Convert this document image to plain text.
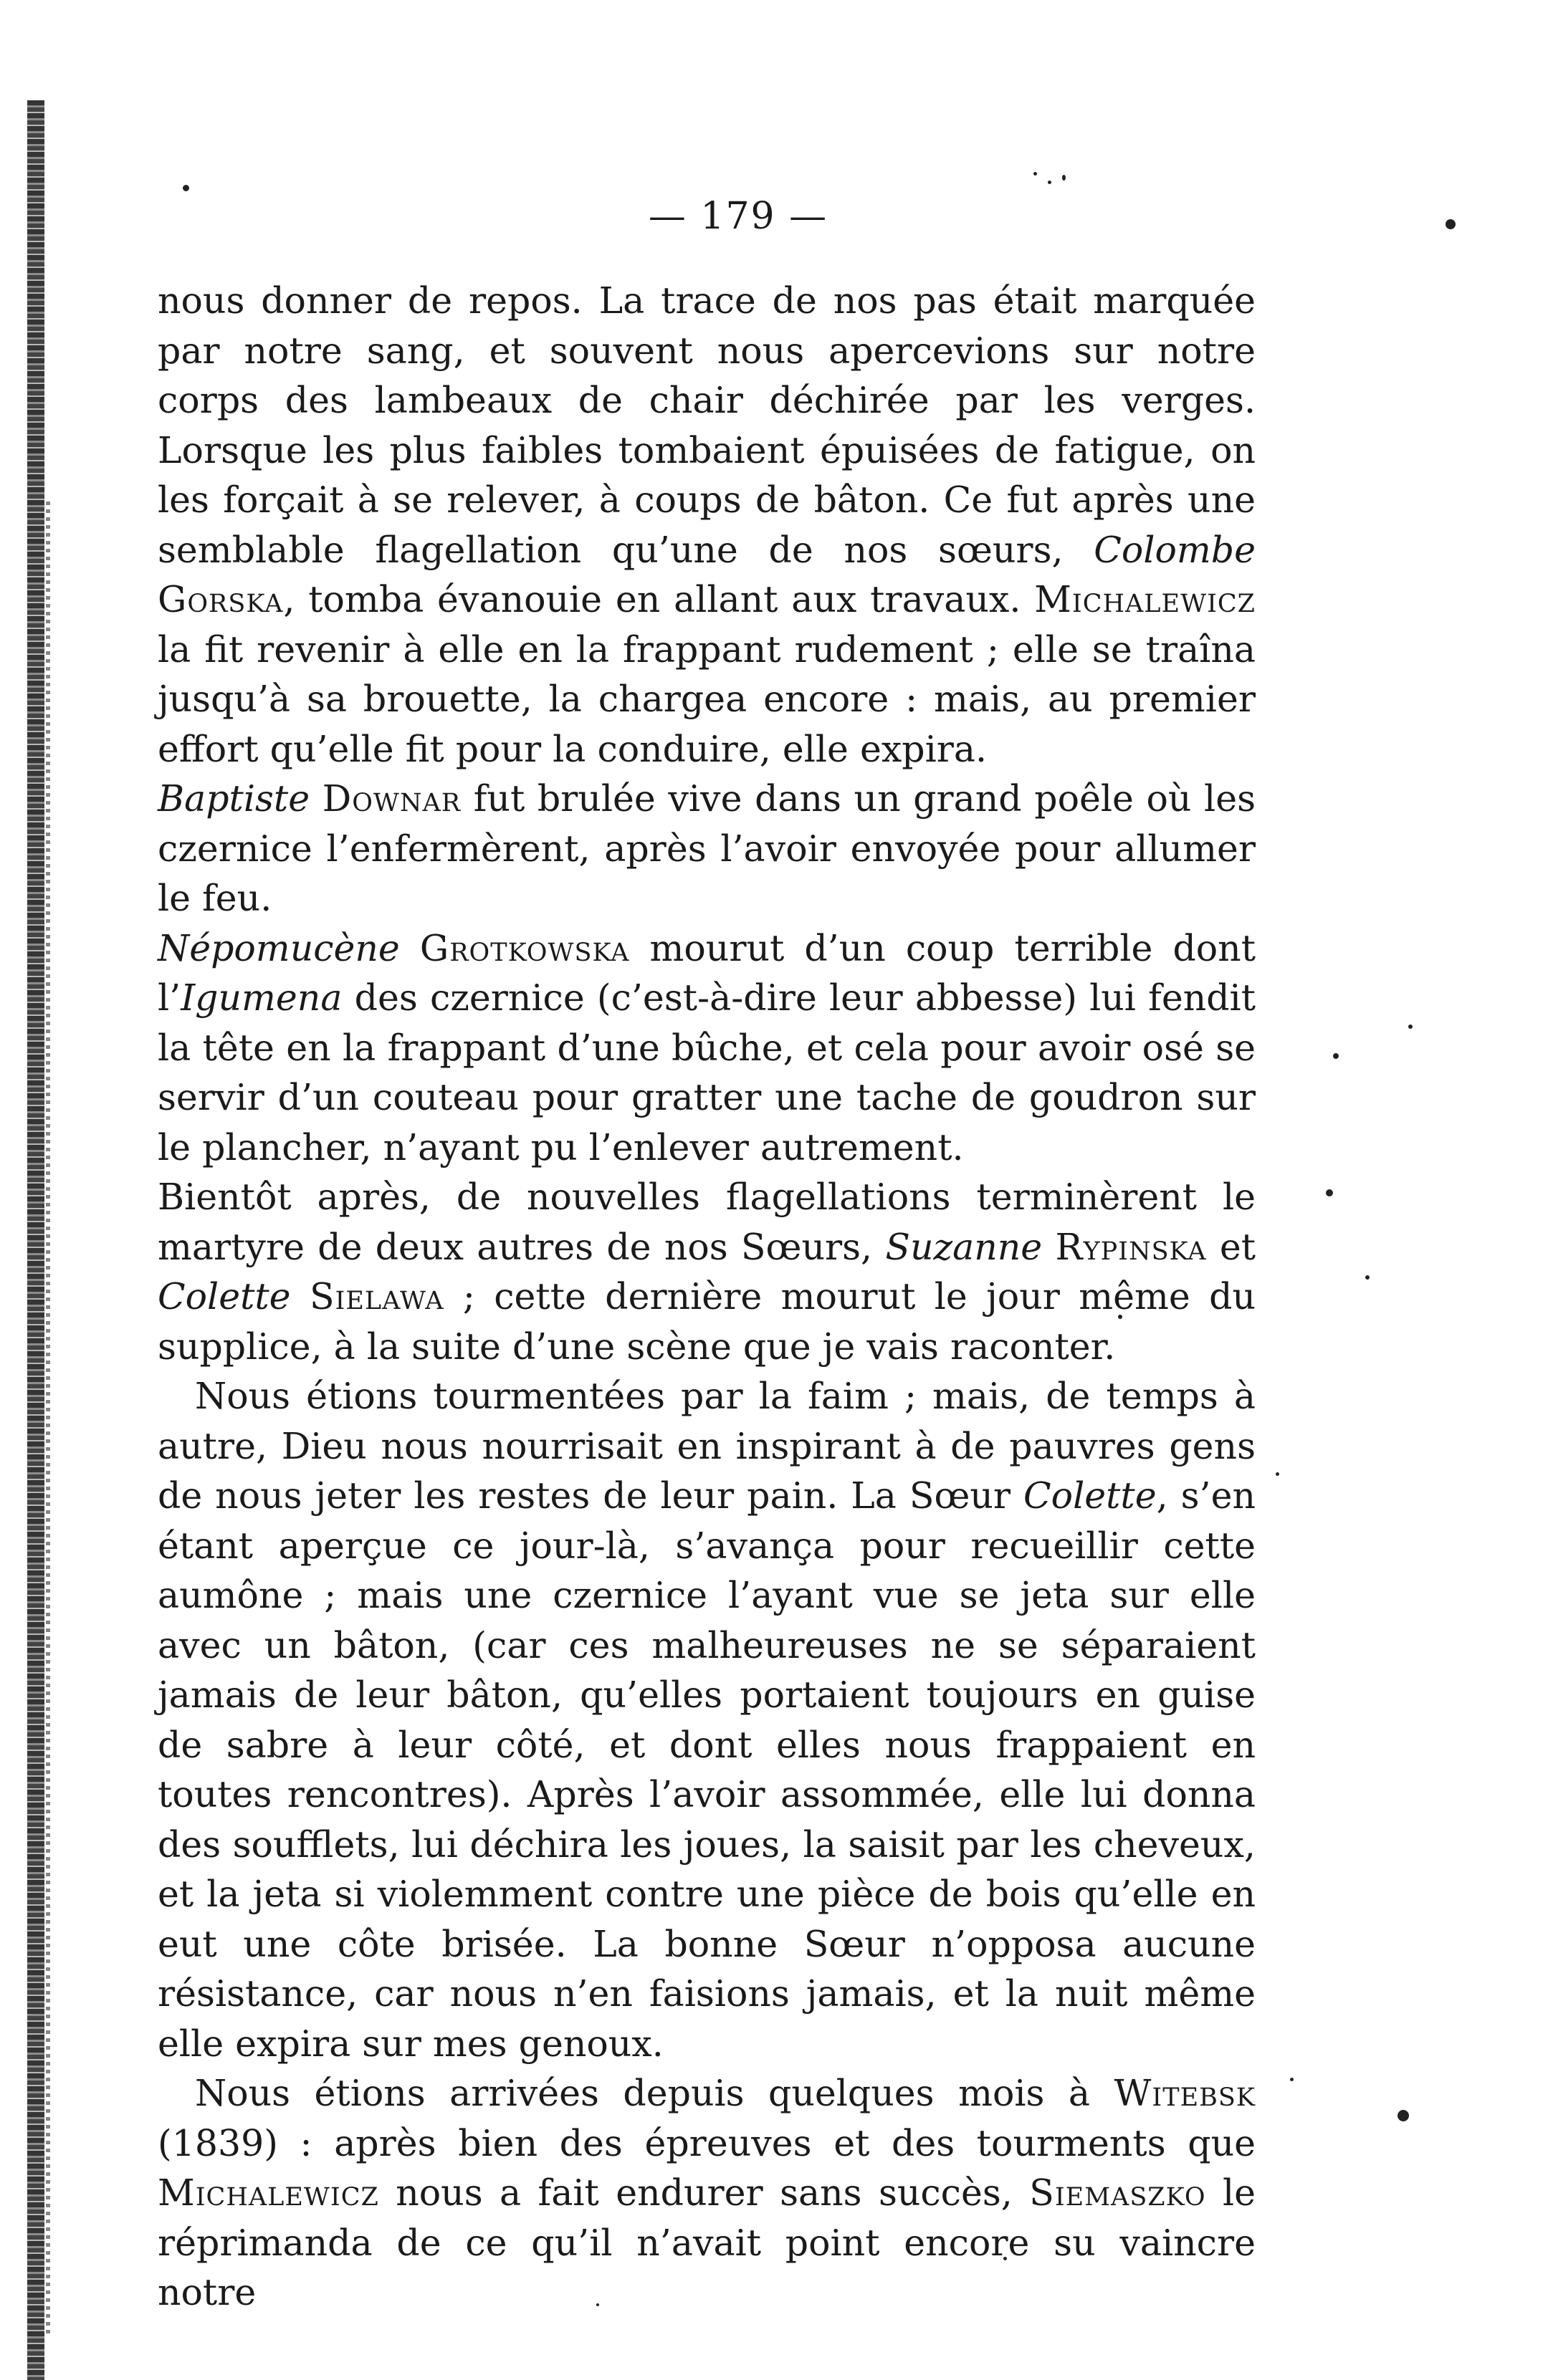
— 179 —

nous donner de repos. La trace de nos pas était marquée par notre sang, et souvent nous apercevions sur notre corps des lambeaux de chair déchirée par les verges. Lorsque les plus faibles tombaient épuisées de fatigue, on les forçait à se relever, à coups de bâton. Ce fut après une semblable flagellation qu’une de nos sœurs, Colombe Gorska, tomba évanouie en allant aux travaux. Michalewicz la fit revenir à elle en la frappant rudement ; elle se traîna jusqu’à sa brouette, la chargea encore : mais, au premier effort qu’elle fit pour la conduire, elle expira.

Baptiste Downar fut brulée vive dans un grand poêle où les czernice l’enfermèrent, après l’avoir envoyée pour allumer le feu.

Népomucène Grotkowska mourut d’un coup terrible dont l’Igumena des czernice (c’est-à-dire leur abbesse) lui fendit la tête en la frappant d’une bûche, et cela pour avoir osé se servir d’un couteau pour gratter une tache de goudron sur le plancher, n’ayant pu l’enlever autrement.

Bientôt après, de nouvelles flagellations terminèrent le martyre de deux autres de nos Sœurs, Suzanne Rypinska et Colette Sielawa ; cette dernière mourut le jour même du supplice, à la suite d’une scène que je vais raconter.

Nous étions tourmentées par la faim ; mais, de temps à autre, Dieu nous nourrisait en inspirant à de pauvres gens de nous jeter les restes de leur pain. La Sœur Colette, s’en étant aperçue ce jour-là, s’avança pour recueillir cette aumône ; mais une czernice l’ayant vue se jeta sur elle avec un bâton, (car ces malheureuses ne se séparaient jamais de leur bâton, qu’elles portaient toujours en guise de sabre à leur côté, et dont elles nous frappaient en toutes rencontres). Après l’avoir assommée, elle lui donna des soufflets, lui déchira les joues, la saisit par les cheveux, et la jeta si violemment contre une pièce de bois qu’elle en eut une côte brisée. La bonne Sœur n’opposa aucune résistance, car nous n’en faisions jamais, et la nuit même elle expira sur mes genoux.

Nous étions arrivées depuis quelques mois à Witebsk (1839) : après bien des épreuves et des tourments que Michalewicz nous a fait endurer sans succès, Siemaszko le réprimanda de ce qu’il n’avait point encore su vaincre notre
